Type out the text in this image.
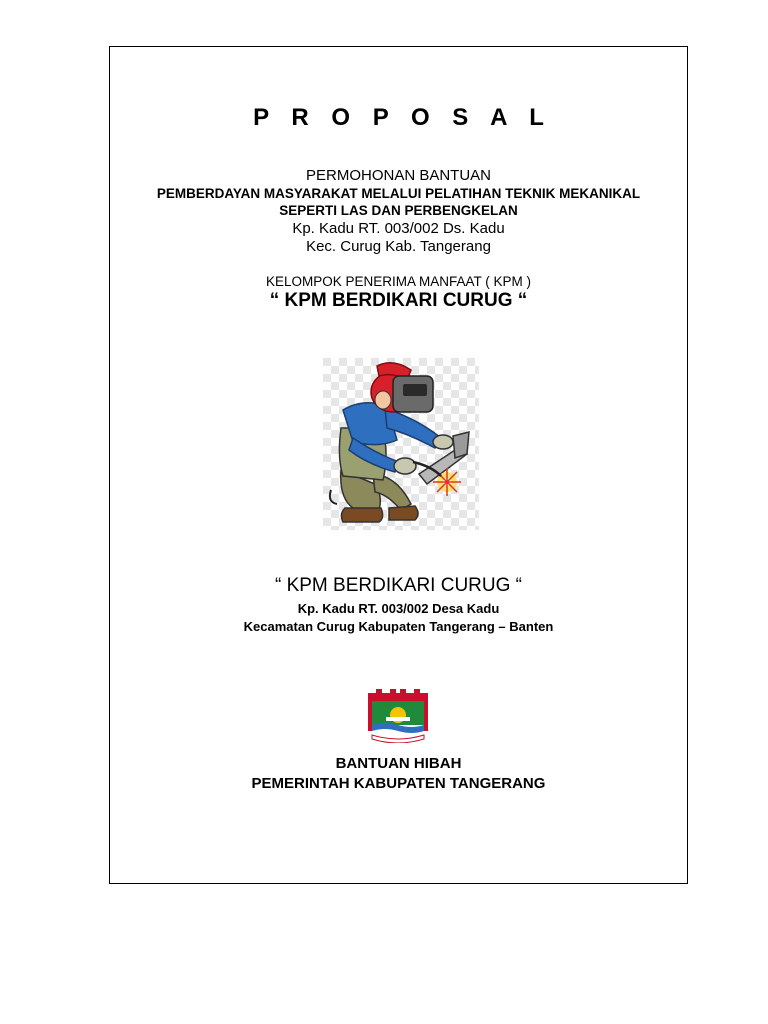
P R O P O S A L
PERMOHONAN BANTUAN
PEMBERDAYAN MASYARAKAT MELALUI PELATIHAN TEKNIK MEKANIKAL
SEPERTI LAS DAN PERBENGKELAN
Kp. Kadu RT. 003/002 Ds. Kadu
Kec. Curug Kab. Tangerang
KELOMPOK PENERIMA MANFAAT ( KPM )
“ KPM BERDIKARI CURUG “
“ KPM BERDIKARI CURUG “
Kp. Kadu RT. 003/002 Desa Kadu
Kecamatan Curug Kabupaten Tangerang – Banten
BANTUAN HIBAH
PEMERINTAH KABUPATEN TANGERANG
